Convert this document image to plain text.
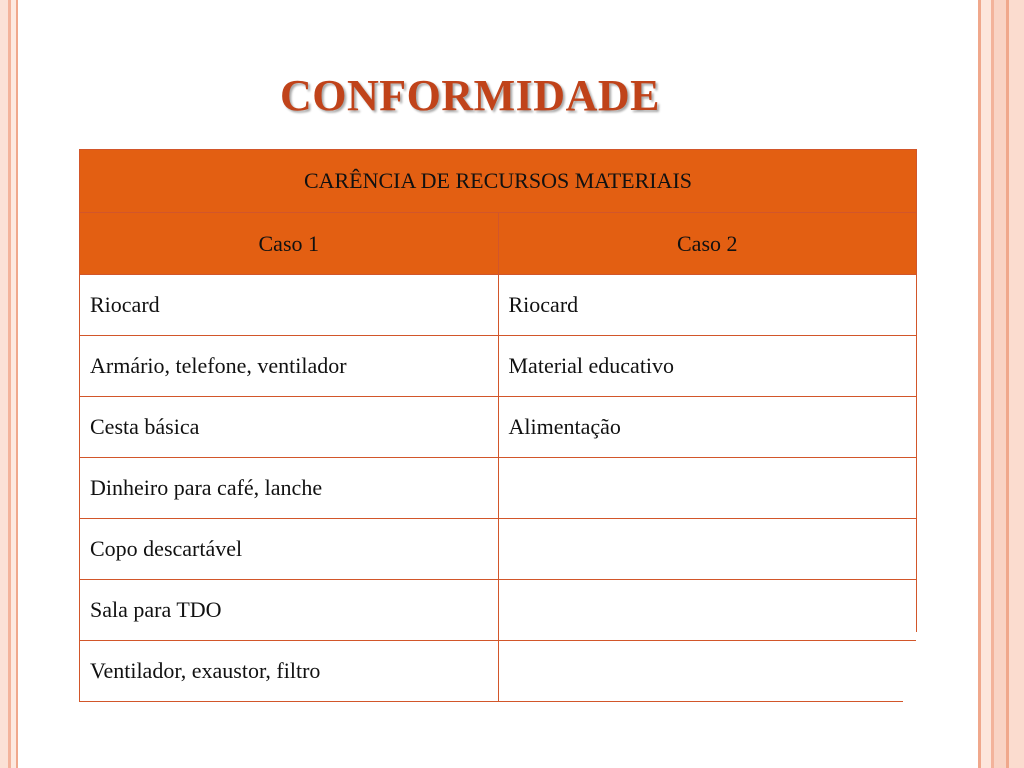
CONFORMIDADE
CARÊNCIA DE RECURSOS MATERIAIS	
Caso 1	Caso 2
Riocard	Riocard
Armário, telefone, ventilador	Material educativo
Cesta básica	Alimentação
Dinheiro para café, lanche	
Copo descartável	
Sala para TDO	
Ventilador, exaustor, filtro	
